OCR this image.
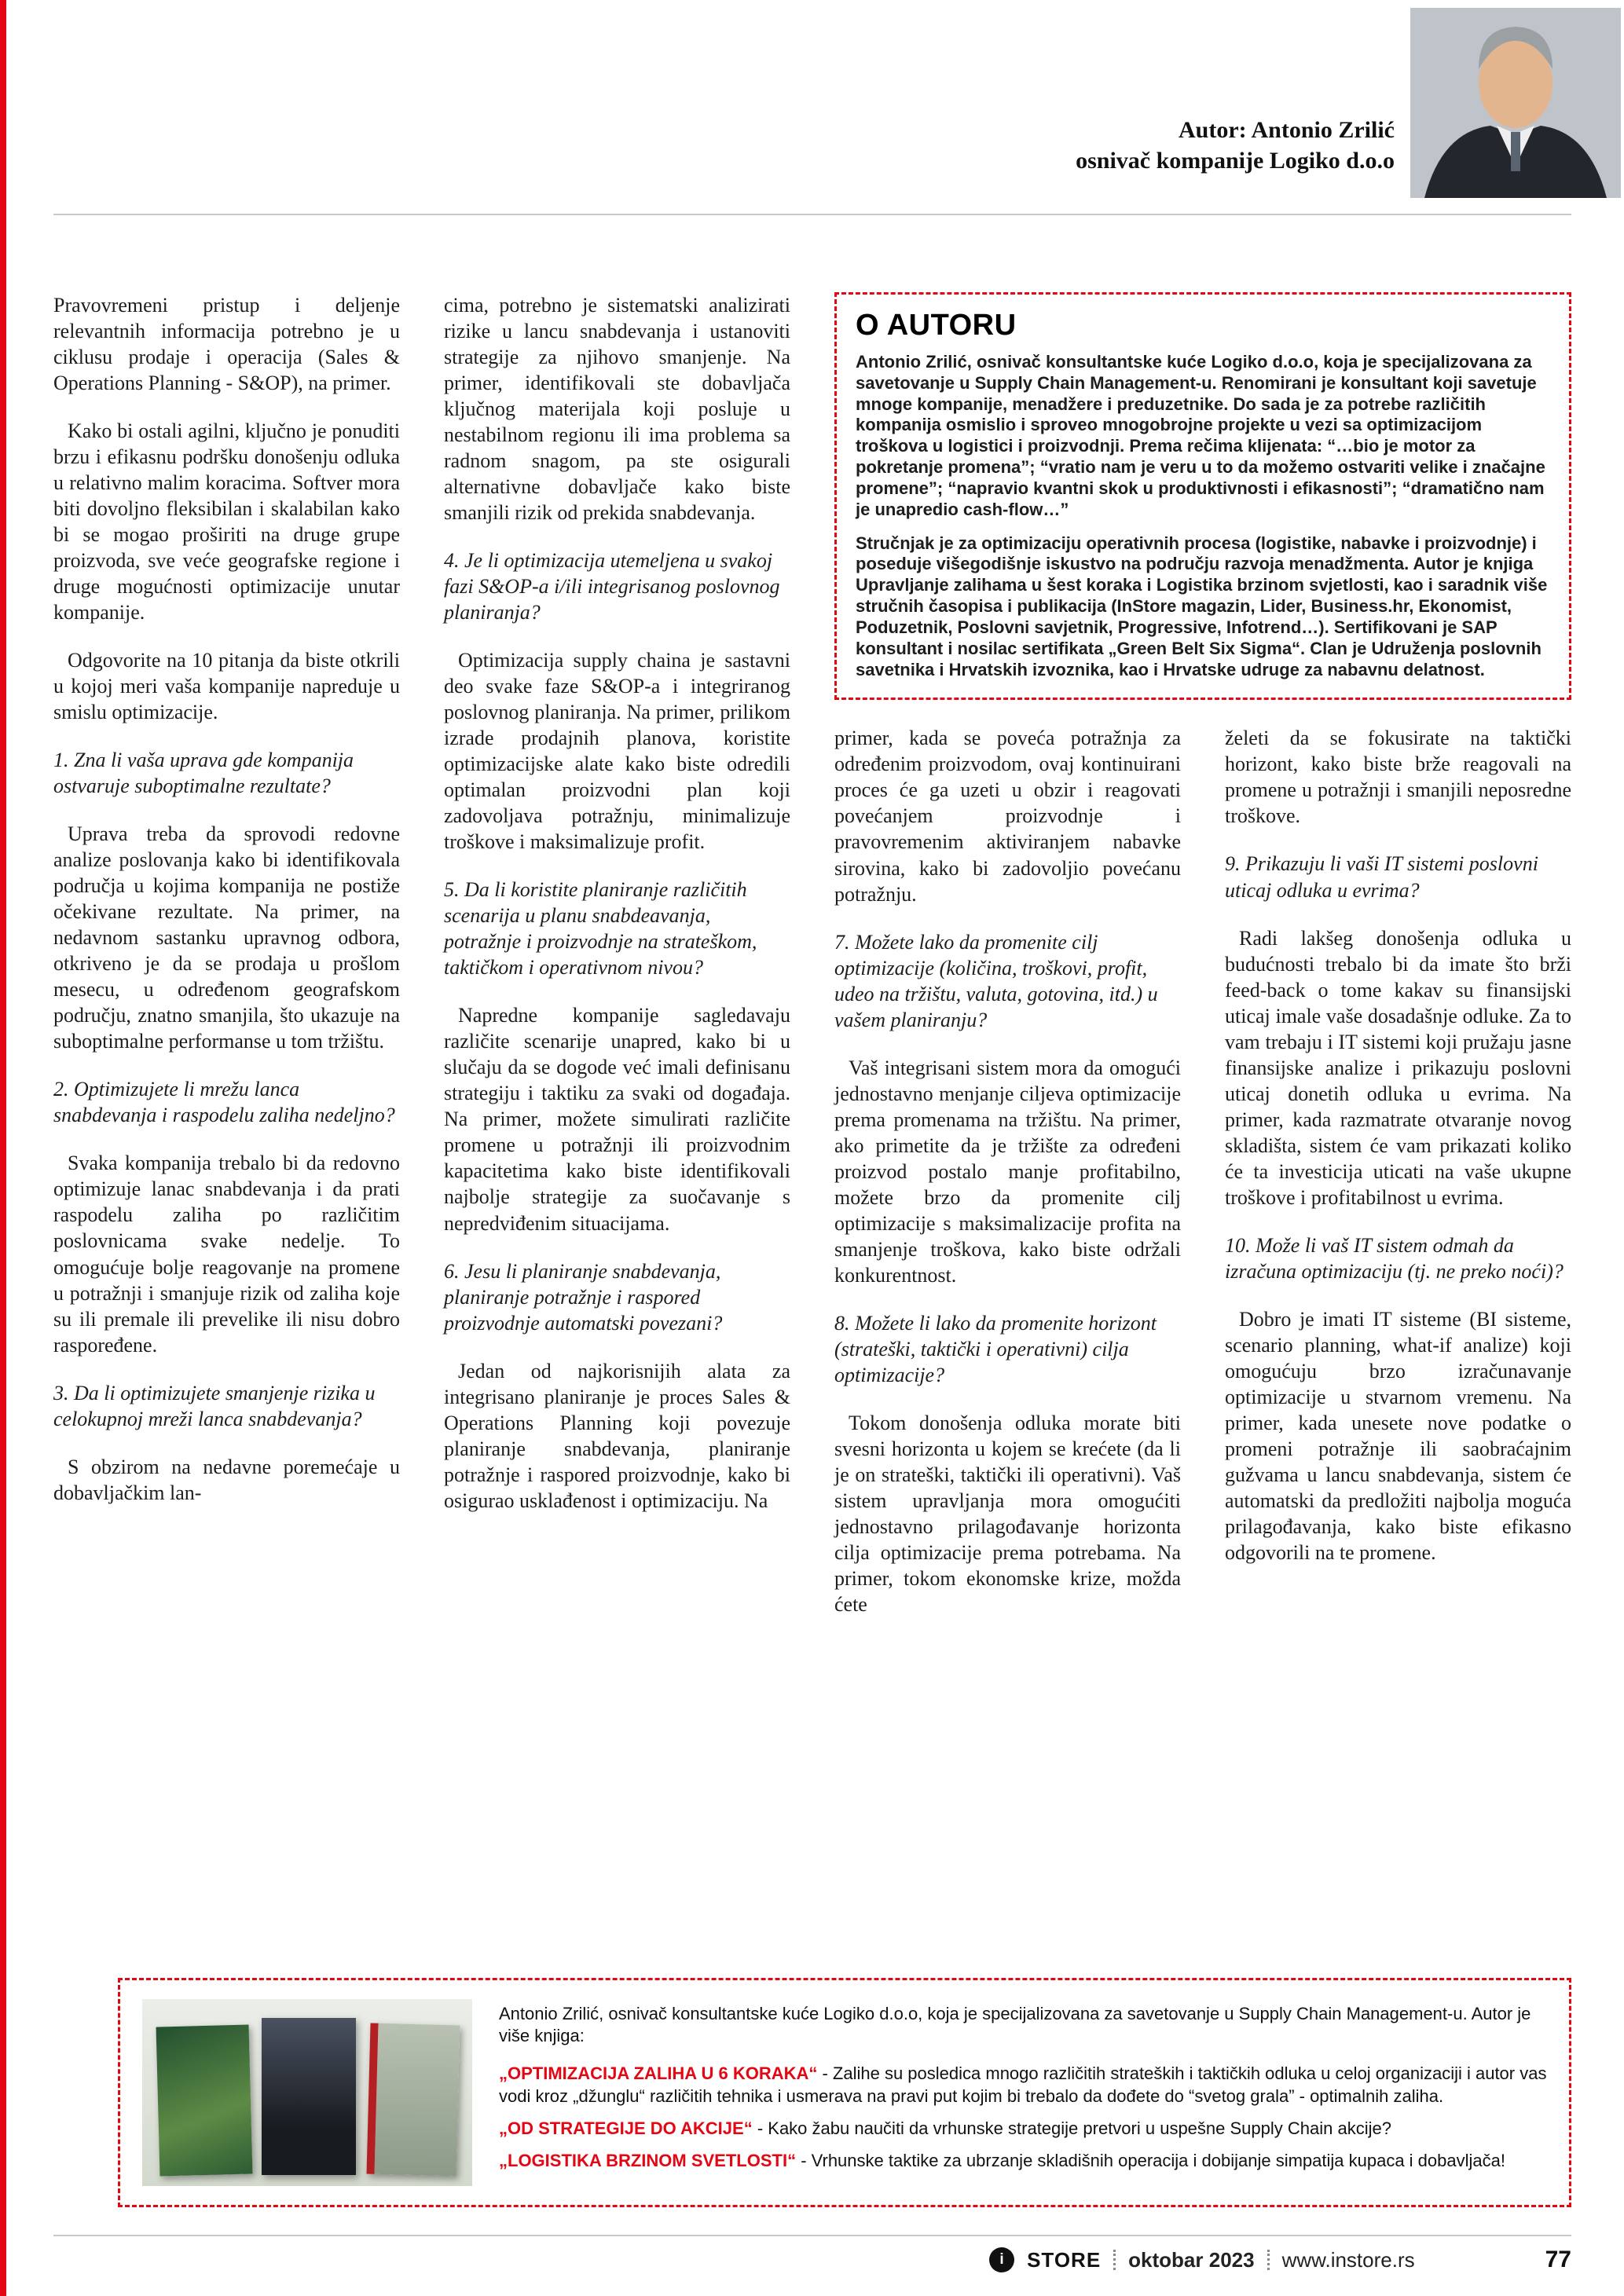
Autor: Antonio Zrilić
osnivač kompanije Logiko d.o.o

Pravovremeni pristup i deljenje relevantnih informacija potrebno je u ciklusu prodaje i operacija (Sales & Operations Planning - S&OP), na primer.

Kako bi ostali agilni, ključno je ponuditi brzu i efikasnu podršku donošenju odluka u relativno malim koracima. Softver mora biti dovoljno fleksibilan i skalabilan kako bi se mogao proširiti na druge grupe proizvoda, sve veće geografske regione i druge mogućnosti optimizacije unutar kompanije.

Odgovorite na 10 pitanja da biste otkrili u kojoj meri vaša kompanije napreduje u smislu optimizacije.

1. Zna li vaša uprava gde kompanija ostvaruje suboptimalne rezultate?

Uprava treba da sprovodi redovne analize poslovanja kako bi identifikovala područja u kojima kompanija ne postiže očekivane rezultate. Na primer, na nedavnom sastanku upravnog odbora, otkriveno je da se prodaja u prošlom mesecu, u određenom geografskom području, znatno smanjila, što ukazuje na suboptimalne performanse u tom tržištu.

2. Optimizujete li mrežu lanca snabdevanja i raspodelu zaliha nedeljno?

Svaka kompanija trebalo bi da redovno optimizuje lanac snabdevanja i da prati raspodelu zaliha po različitim poslovnicama svake nedelje. To omogućuje bolje reagovanje na promene u potražnji i smanjuje rizik od zaliha koje su ili premale ili prevelike ili nisu dobro raspoređene.

3. Da li optimizujete smanjenje rizika u celokupnoj mreži lanca snabdevanja?

S obzirom na nedavne poremećaje u dobavljačkim lan-

cima, potrebno je sistematski analizirati rizike u lancu snabdevanja i ustanoviti strategije za njihovo smanjenje. Na primer, identifikovali ste dobavljača ključnog materijala koji posluje u nestabilnom regionu ili ima problema sa radnom snagom, pa ste osigurali alternativne dobavljače kako biste smanjili rizik od prekida snabdevanja.

4. Je li optimizacija utemeljena u svakoj fazi S&OP-a i/ili integrisanog poslovnog planiranja?

Optimizacija supply chaina je sastavni deo svake faze S&OP-a i integriranog poslovnog planiranja. Na primer, prilikom izrade prodajnih planova, koristite optimizacijske alate kako biste odredili optimalan proizvodni plan koji zadovoljava potražnju, minimalizuje troškove i maksimalizuje profit.

5. Da li koristite planiranje različitih scenarija u planu snabdeavanja, potražnje i proizvodnje na strateškom, taktičkom i operativnom nivou?

Napredne kompanije sagledavaju različite scenarije unapred, kako bi u slučaju da se dogode već imali definisanu strategiju i taktiku za svaki od događaja. Na primer, možete simulirati različite promene u potražnji ili proizvodnim kapacitetima kako biste identifikovali najbolje strategije za suočavanje s nepredviđenim situacijama.

6. Jesu li planiranje snabdevanja, planiranje potražnje i raspored proizvodnje automatski povezani?

Jedan od najkorisnijih alata za integrisano planiranje je proces Sales & Operations Planning koji povezuje planiranje snabdevanja, planiranje potražnje i raspored proizvodnje, kako bi osigurao usklađenost i optimizaciju. Na

O AUTORU

Antonio Zrilić, osnivač konsultantske kuće Logiko d.o.o, koja je specijalizovana za savetovanje u Supply Chain Management-u. Renomirani je konsultant koji savetuje mnoge kompanije, menadžere i preduzetnike. Do sada je za potrebe različitih kompanija osmislio i sproveo mnogobrojne projekte u vezi sa optimizacijom troškova u logistici i proizvodnji. Prema rečima klijenata: “…bio je motor za pokretanje promena”; “vratio nam je veru u to da možemo ostvariti velike i značajne promene”; “napravio kvantni skok u produktivnosti i efikasnosti”; “dramatično nam je unapredio cash-flow…”

Stručnjak je za optimizaciju operativnih procesa (logistike, nabavke i proizvodnje) i poseduje višegodišnje iskustvo na području razvoja menadžmenta. Autor je knjiga Upravljanje zalihama u šest koraka i Logistika brzinom svjetlosti, kao i saradnik više stručnih časopisa i publikacija (InStore magazin, Lider, Business.hr, Ekonomist, Poduzetnik, Poslovni savjetnik, Progressive, Infotrend…). Sertifikovani je SAP konsultant i nosilac sertifikata „Green Belt Six Sigma“. Clan je Udruženja poslovnih savetnika i Hrvatskih izvoznika, kao i Hrvatske udruge za nabavnu delatnost.

primer, kada se poveća potražnja za određenim proizvodom, ovaj kontinuirani proces će ga uzeti u obzir i reagovati povećanjem proizvodnje i pravovremenim aktiviranjem nabavke sirovina, kako bi zadovoljio povećanu potražnju.

7. Možete lako da promenite cilj optimizacije (količina, troškovi, profit, udeo na tržištu, valuta, gotovina, itd.) u vašem planiranju?

Vaš integrisani sistem mora da omogući jednostavno menjanje ciljeva optimizacije prema promenama na tržištu. Na primer, ako primetite da je tržište za određeni proizvod postalo manje profitabilno, možete brzo da promenite cilj optimizacije s maksimalizacije profita na smanjenje troškova, kako biste održali konkurentnost.

8. Možete li lako da promenite horizont (strateški, taktički i operativni) cilja optimizacije?

Tokom donošenja odluka morate biti svesni horizonta u kojem se krećete (da li je on strateški, taktički ili operativni). Vaš sistem upravljanja mora omogućiti jednostavno prilagođavanje horizonta cilja optimizacije prema potrebama. Na primer, tokom ekonomske krize, možda ćete

želeti da se fokusirate na taktički horizont, kako biste brže reagovali na promene u potražnji i smanjili neposredne troškove.

9. Prikazuju li vaši IT sistemi poslovni uticaj odluka u evrima?

Radi lakšeg donošenja odluka u budućnosti trebalo bi da imate što brži feed-back o tome kakav su finansijski uticaj imale vaše dosadašnje odluke. Za to vam trebaju i IT sistemi koji pružaju jasne finansijske analize i prikazuju poslovni uticaj donetih odluka u evrima. Na primer, kada razmatrate otvaranje novog skladišta, sistem će vam prikazati koliko će ta investicija uticati na vaše ukupne troškove i profitabilnost u evrima.

10. Može li vaš IT sistem odmah da izračuna optimizaciju (tj. ne preko noći)?

Dobro je imati IT sisteme (BI sisteme, scenario planning, what-if analize) koji omogućuju brzo izračunavanje optimizacije u stvarnom vremenu. Na primer, kada unesete nove podatke o promeni potražnje ili saobraćajnim gužvama u lancu snabdevanja, sistem će automatski da predložiti najbolja moguća prilagođavanja, kako biste efikasno odgovorili na te promene.

Antonio Zrilić, osnivač konsultantske kuće Logiko d.o.o, koja je specijalizovana za savetovanje u Supply Chain Management-u. Autor je više knjiga:

„OPTIMIZACIJA ZALIHA U 6 KORAKA“ - Zalihe su posledica mnogo različitih strateških i taktičkih odluka u celoj organizaciji i autor vas vodi kroz „džunglu“ različitih tehnika i usmerava na pravi put kojim bi trebalo da dođete do “svetog grala” - optimalnih zaliha.

„OD STRATEGIJE DO AKCIJE“ - Kako žabu naučiti da vrhunske strategije pretvori u uspešne Supply Chain akcije?

„LOGISTIKA BRZINOM SVETLOSTI“ - Vrhunske taktike za ubrzanje skladišnih operacija i dobijanje simpatija kupaca i dobavljača!

i	STORE oktobar 2023 www.instore.rs	77
